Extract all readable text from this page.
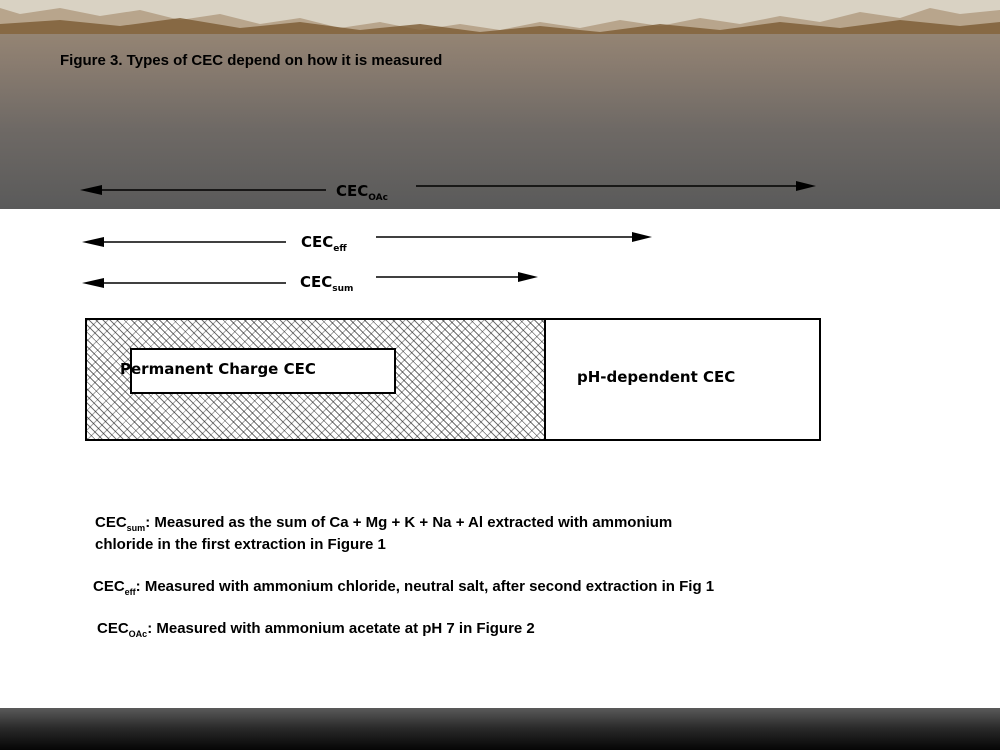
Figure 3. Types of CEC depend on how it is measured
$CEC_{OAc}$
$CEC_{eff}$
$CEC_{sum}$
Permanent Charge CEC	pH-dependent CEC
$CEC_{sum}$: Measured as the sum of Ca + Mg + K + Na + Al extracted with ammonium
chloride in the first extraction in Figure 1
$CEC_{eff}$: Measured with ammonium chloride, neutral salt, after second extraction in Fig 1
$CEC_{OAc}$: Measured with ammonium acetate at pH 7 in Figure 2
